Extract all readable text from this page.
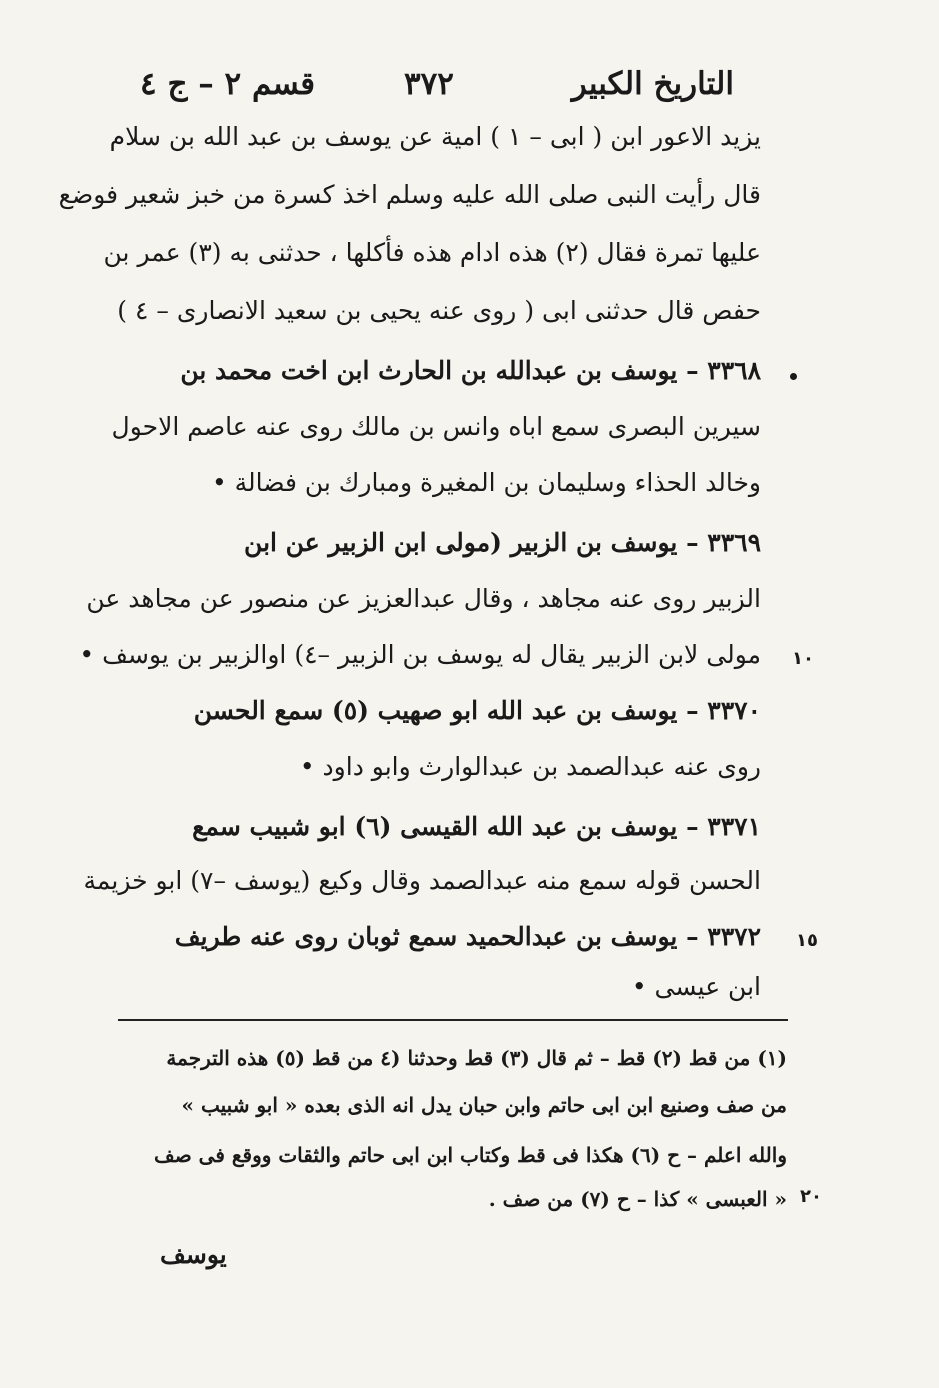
التاريخ الكبير
٣٧٢
قسم ٢ – ج ٤
يزيد الاعور ابن ( ابى – ١ ) امية عن يوسف بن عبد الله بن سلام
قال رأيت النبى صلى الله عليه وسلم اخذ كسرة من خبز شعير فوضع
عليها تمرة فقال (٢) هذه ادام هذه فأكلها ، حدثنى به (٣) عمر بن
حفص قال حدثنى ابى ( روى عنه يحيى بن سعيد الانصارى – ٤ )
٣٣٦٨ – يوسف بن عبدالله بن الحارث ابن اخت محمد بن
سيرين البصرى سمع اباه وانس بن مالك روى عنه عاصم الاحول
وخالد الحذاء وسليمان بن المغيرة ومبارك بن فضالة •
٣٣٦٩ – يوسف بن الزبير (مولى ابن الزبير عن ابن
الزبير روى عنه مجاهد ، وقال عبدالعزيز عن منصور عن مجاهد عن
مولى لابن الزبير يقال له يوسف بن الزبير –٤) اوالزبير بن يوسف •
٣٣٧٠ – يوسف بن عبد الله ابو صهيب (٥) سمع الحسن
روى عنه عبدالصمد بن عبدالوارث وابو داود •
٣٣٧١ – يوسف بن عبد الله القيسى (٦) ابو شبيب سمع
الحسن قوله سمع منه عبدالصمد وقال وكيع (يوسف –٧) ابو خزيمة
٣٣٧٢ – يوسف بن عبدالحميد سمع ثوبان روى عنه طريف
ابن عيسى •
١٠
١٥
٢٠
(١) من قط (٢) قط – ثم قال (٣) قط وحدثنا (٤ من قط (٥) هذه الترجمة
من صف وصنيع ابن ابى حاتم وابن حبان يدل انه الذى بعده « ابو شبيب »
والله اعلم – ح (٦) هكذا فى قط وكتاب ابن ابى حاتم والثقات ووقع فى صف
« العبسى » كذا – ح (٧) من صف .
يوسف
